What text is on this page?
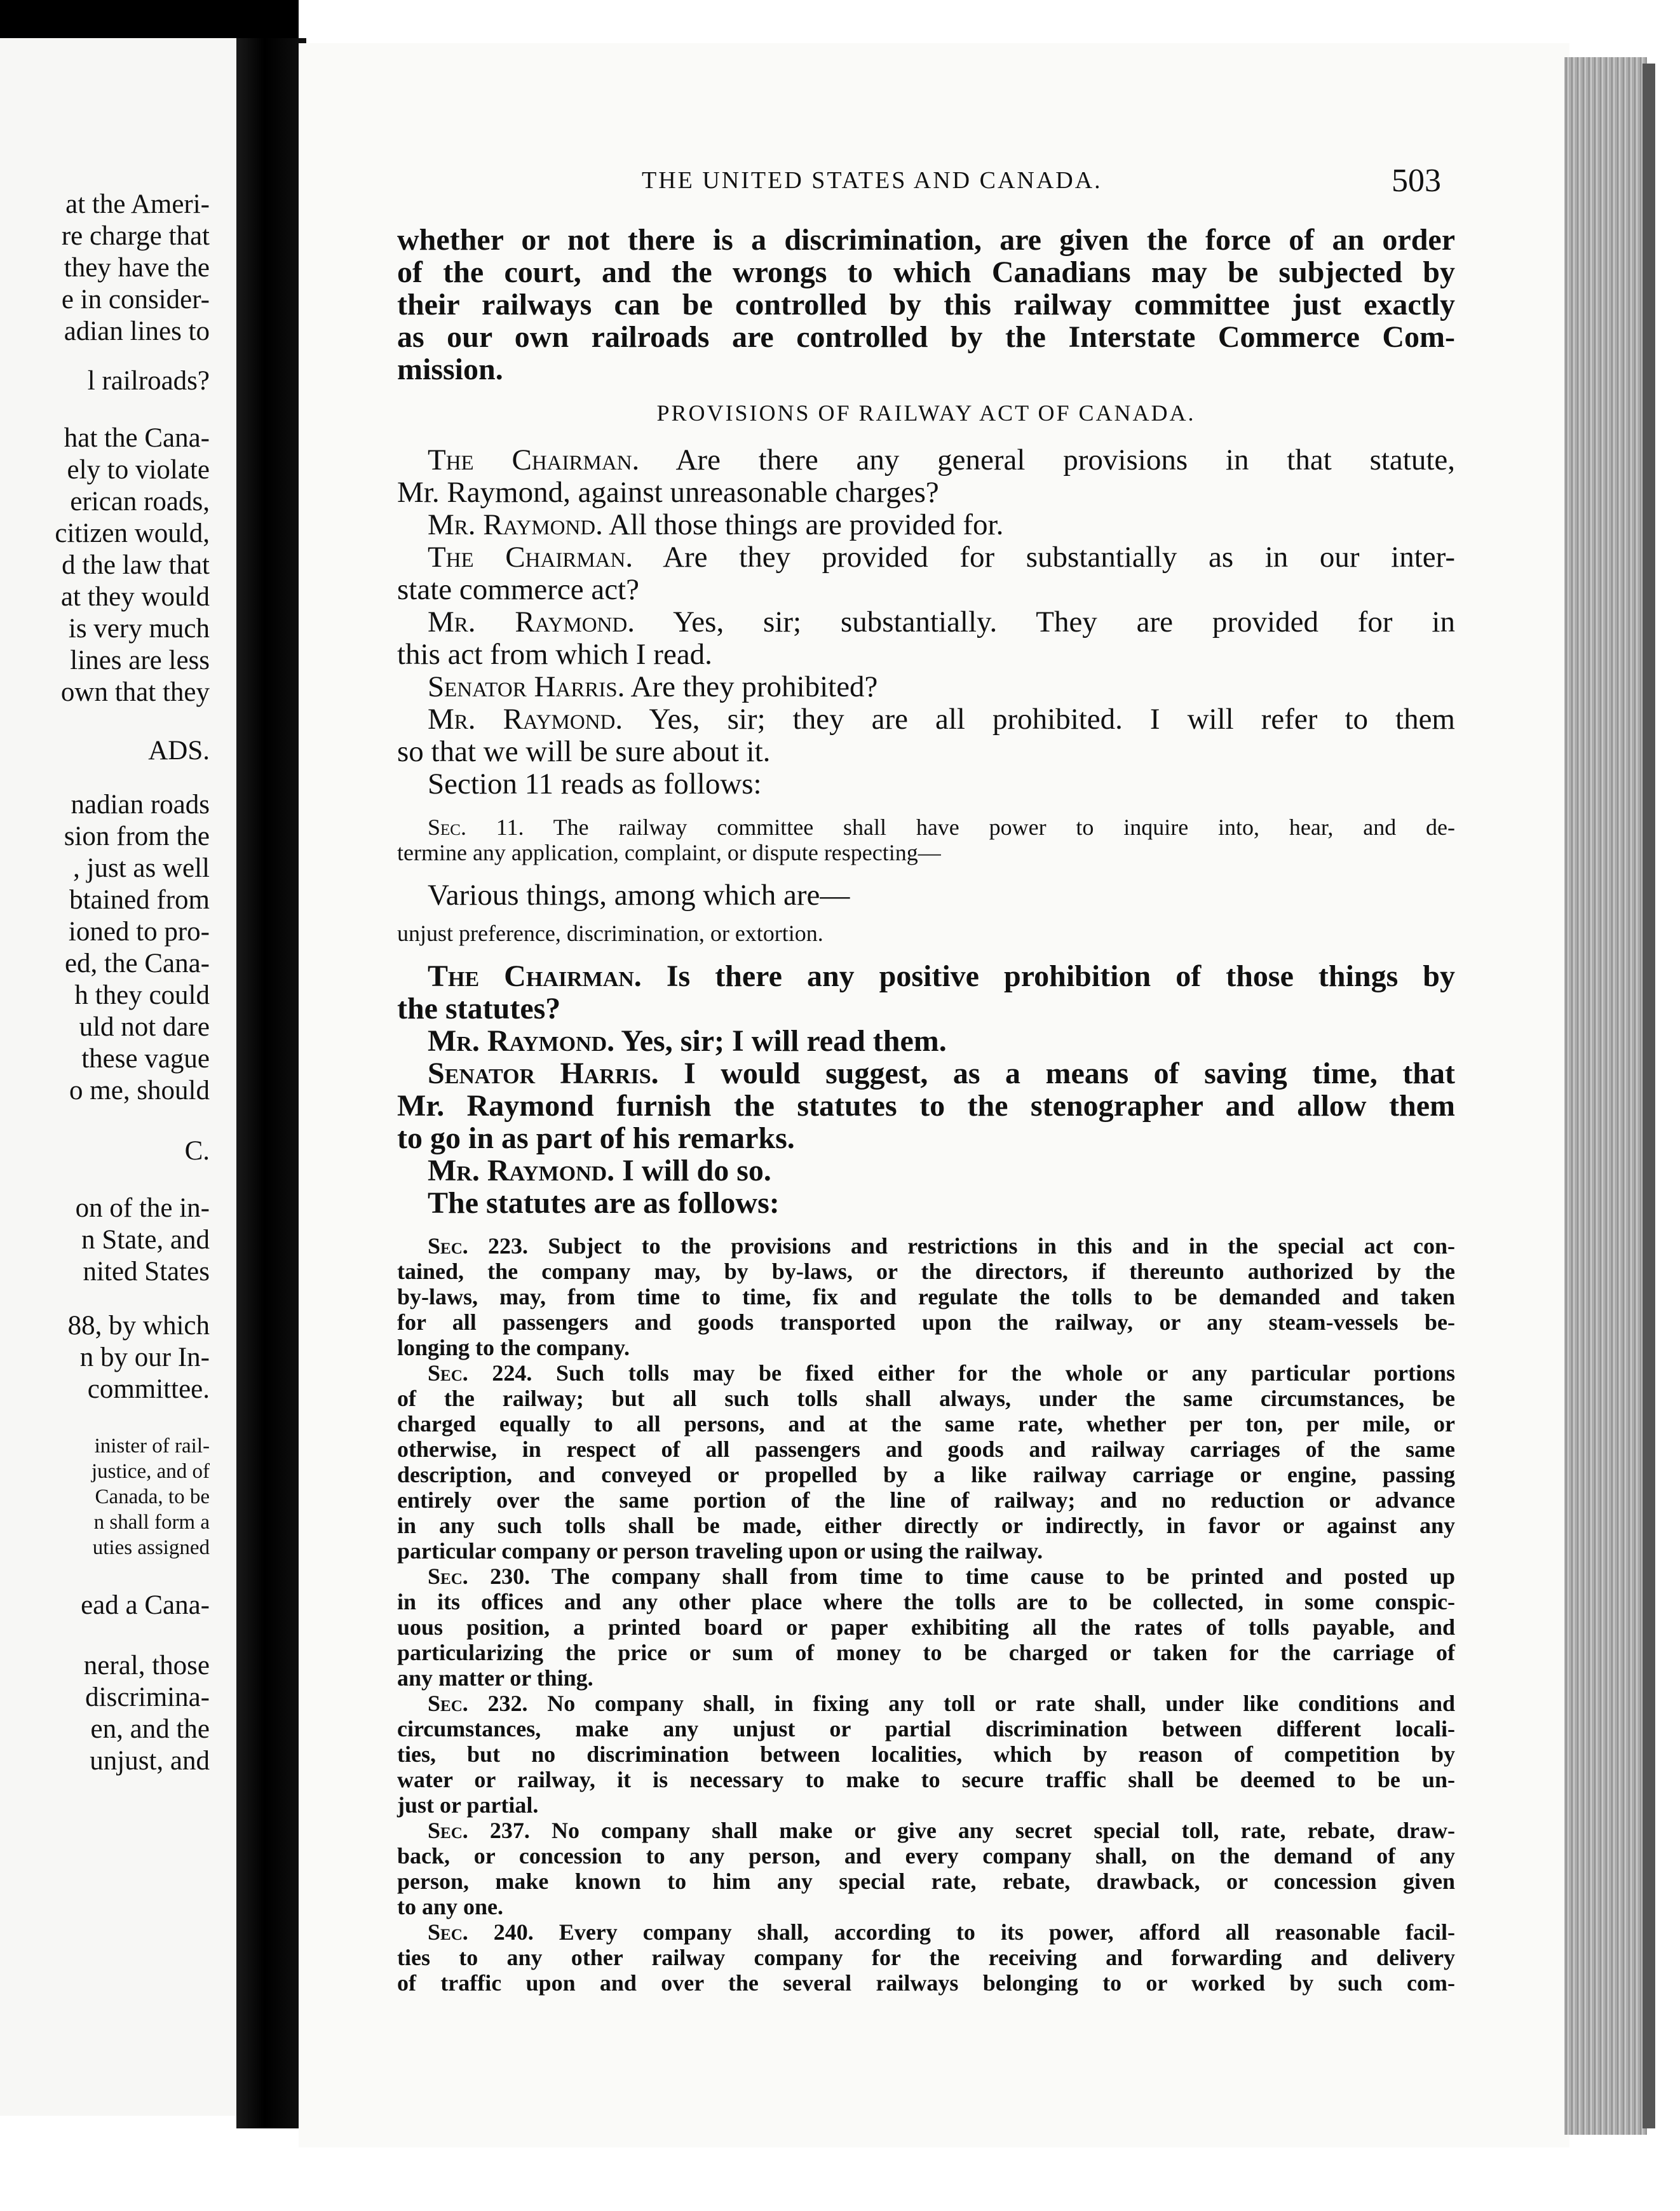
at the Ameri-
re charge that
they have the
e in consider-
adian lines to
l railroads?
hat the Cana-
ely to violate
erican roads,
citizen would,
d the law that
at they would
is very much
lines are less
own that they
ADS.
nadian roads
sion from the
, just as well
btained from
ioned to pro-
ed, the Cana-
h they could
uld not dare
these vague
o me, should
C.
on of the in-
n State, and
nited States
88, by which
n by our In-
committee.
inister of rail-
justice, and of
Canada, to be
n shall form a
uties assigned
ead a Cana-
neral, those
discrimina-
en, and the
unjust, and
THE UNITED STATES AND CANADA.	503
whether or not there is a discrimination, are given the force of an order
of the court, and the wrongs to which Canadians may be subjected by
their railways can be controlled by this railway committee just exactly
as our own railroads are controlled by the Interstate Commerce Com-
mission.
PROVISIONS OF RAILWAY ACT OF CANADA.
The Chairman. Are there any general provisions in that statute,
Mr. Raymond, against unreasonable charges?
Mr. Raymond. All those things are provided for.
The Chairman. Are they provided for substantially as in our inter-
state commerce act?
Mr. Raymond. Yes, sir; substantially. They are provided for in
this act from which I read.
Senator Harris. Are they prohibited?
Mr. Raymond. Yes, sir; they are all prohibited. I will refer to them
so that we will be sure about it.
Section 11 reads as follows:
Sec. 11. The railway committee shall have power to inquire into, hear, and de-
termine any application, complaint, or dispute respecting—
Various things, among which are—
unjust preference, discrimination, or extortion.
The Chairman. Is there any positive prohibition of those things by
the statutes?
Mr. Raymond. Yes, sir; I will read them.
Senator Harris. I would suggest, as a means of saving time, that
Mr. Raymond furnish the statutes to the stenographer and allow them
to go in as part of his remarks.
Mr. Raymond. I will do so.
The statutes are as follows:
Sec. 223. Subject to the provisions and restrictions in this and in the special act con-
tained, the company may, by by-laws, or the directors, if thereunto authorized by the
by-laws, may, from time to time, fix and regulate the tolls to be demanded and taken
for all passengers and goods transported upon the railway, or any steam-vessels be-
longing to the company.
Sec. 224. Such tolls may be fixed either for the whole or any particular portions
of the railway; but all such tolls shall always, under the same circumstances, be
charged equally to all persons, and at the same rate, whether per ton, per mile, or
otherwise, in respect of all passengers and goods and railway carriages of the same
description, and conveyed or propelled by a like railway carriage or engine, passing
entirely over the same portion of the line of railway; and no reduction or advance
in any such tolls shall be made, either directly or indirectly, in favor or against any
particular company or person traveling upon or using the railway.
Sec. 230. The company shall from time to time cause to be printed and posted up
in its offices and any other place where the tolls are to be collected, in some conspic-
uous position, a printed board or paper exhibiting all the rates of tolls payable, and
particularizing the price or sum of money to be charged or taken for the carriage of
any matter or thing.
Sec. 232. No company shall, in fixing any toll or rate shall, under like conditions and
circumstances, make any unjust or partial discrimination between different locali-
ties, but no discrimination between localities, which by reason of competition by
water or railway, it is necessary to make to secure traffic shall be deemed to be un-
just or partial.
Sec. 237. No company shall make or give any secret special toll, rate, rebate, draw-
back, or concession to any person, and every company shall, on the demand of any
person, make known to him any special rate, rebate, drawback, or concession given
to any one.
Sec. 240. Every company shall, according to its power, afford all reasonable facil-
ties to any other railway company for the receiving and forwarding and delivery
of traffic upon and over the several railways belonging to or worked by such com-
